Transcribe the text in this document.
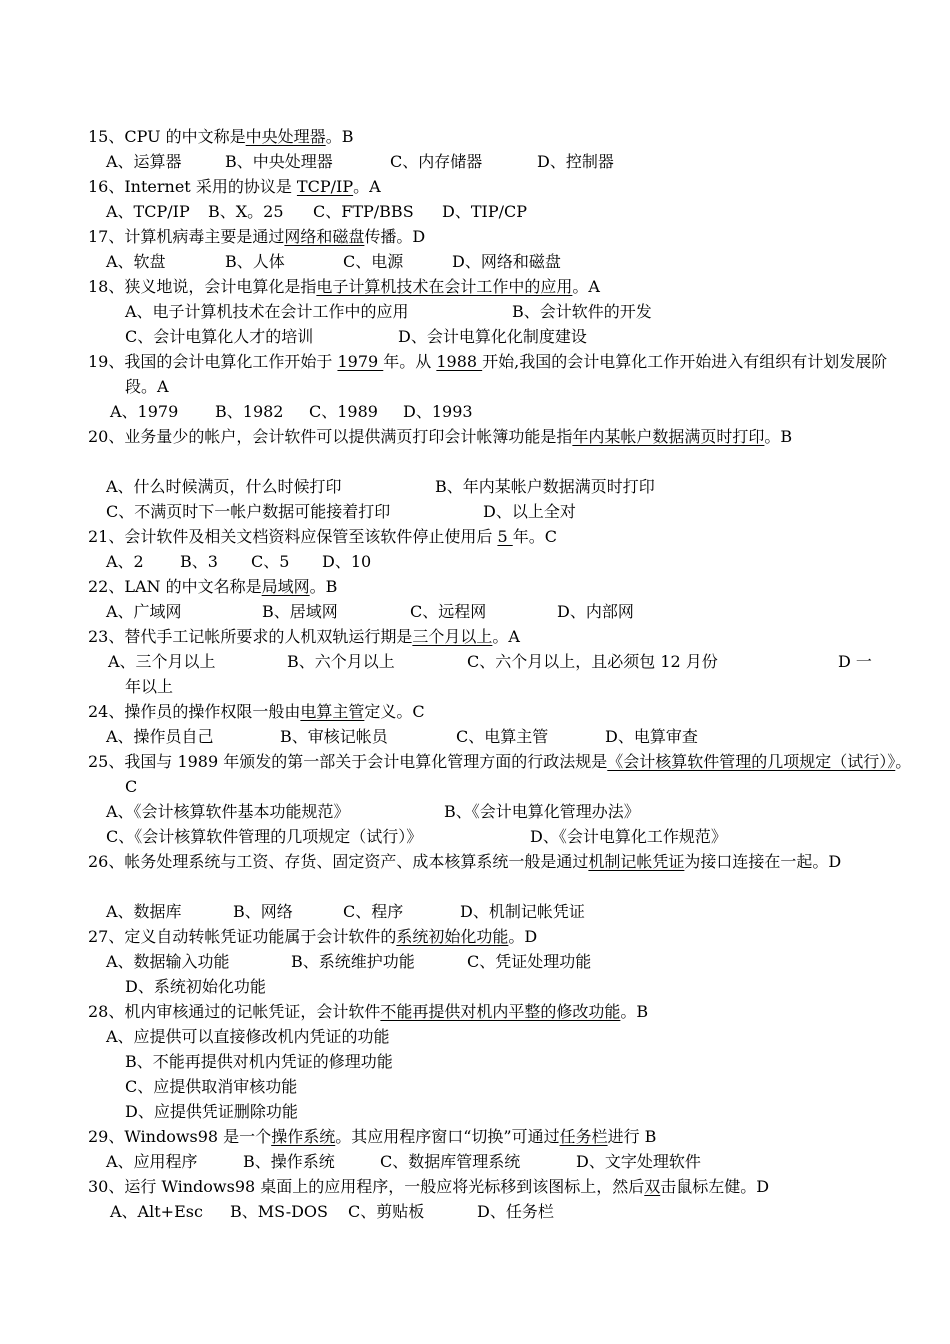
15、CPU 的中文称是中央处理器。B
A、运算器	B、中央处理器	C、内存储器	D、控制器
16、Internet 采用的协议是 TCP/IP。A
A、TCP/IP B、X。25 C、FTP/BBS D、TIP/CP
17、计算机病毒主要是通过网络和磁盘传播。D
A、软盘	B、人体	C、电源	D、网络和磁盘
18、狭义地说，会计电算化是指电子计算机技术在会计工作中的应用。A
A、电子计算机技术在会计工作中的应用	B、会计软件的开发
C、会计电算化人才的培训	D、会计电算化化制度建设
19、我国的会计电算化工作开始于 1979 年。从 1988 开始,我国的会计电算化工作开始进入有组织有计划发展阶段。A
A、1979 B、1982 C、1989 D、1993
20、业务量少的帐户，会计软件可以提供满页打印会计帐簿功能是指年内某帐户数据满页时打印。B
A、什么时候满页，什么时候打印	B、年内某帐户数据满页时打印
C、不满页时下一帐户数据可能接着打印	D、以上全对
21、会计软件及相关文档资料应保管至该软件停止使用后 5 年。C
A、2 B、3 C、5 D、10
22、LAN 的中文名称是局域网。B
A、广域网	B、居域网	C、远程网	D、内部网
23、替代手工记帐所要求的人机双轨运行期是三个月以上。A
A、三个月以上	B、六个月以上	C、六个月以上，且必须包 12 月份	D 一
年以上
24、操作员的操作权限一般由电算主管定义。C
A、操作员自己	B、审核记帐员	C、电算主管	D、电算审查
25、我国与 1989 年颁发的第一部关于会计电算化管理方面的行政法规是《会计核算软件管理的几项规定（试行）》。C
A、《会计核算软件基本功能规范》	B、《会计电算化管理办法》
C、《会计核算软件管理的几项规定（试行）》	D、《会计电算化工作规范》
26、帐务处理系统与工资、存货、固定资产、成本核算系统一般是通过机制记帐凭证为接口连接在一起。D
A、数据库	B、网络	C、程序	D、机制记帐凭证
27、定义自动转帐凭证功能属于会计软件的系统初始化功能。D
A、数据输入功能	B、系统维护功能	C、凭证处理功能
D、系统初始化功能
28、机内审核通过的记帐凭证，会计软件不能再提供对机内平整的修改功能。B
A、应提供可以直接修改机内凭证的功能
B、不能再提供对机内凭证的修理功能
C、应提供取消审核功能
D、应提供凭证删除功能
29、Windows98 是一个操作系统。其应用程序窗口“切换”可通过任务栏进行 B
A、应用程序	B、操作系统	C、数据库管理系统	D、文字处理软件
30、运行 Windows98 桌面上的应用程序，一般应将光标移到该图标上，然后双击鼠标左健。D
A、Alt+Esc B、MS-DOS C、剪贴板	D、任务栏
